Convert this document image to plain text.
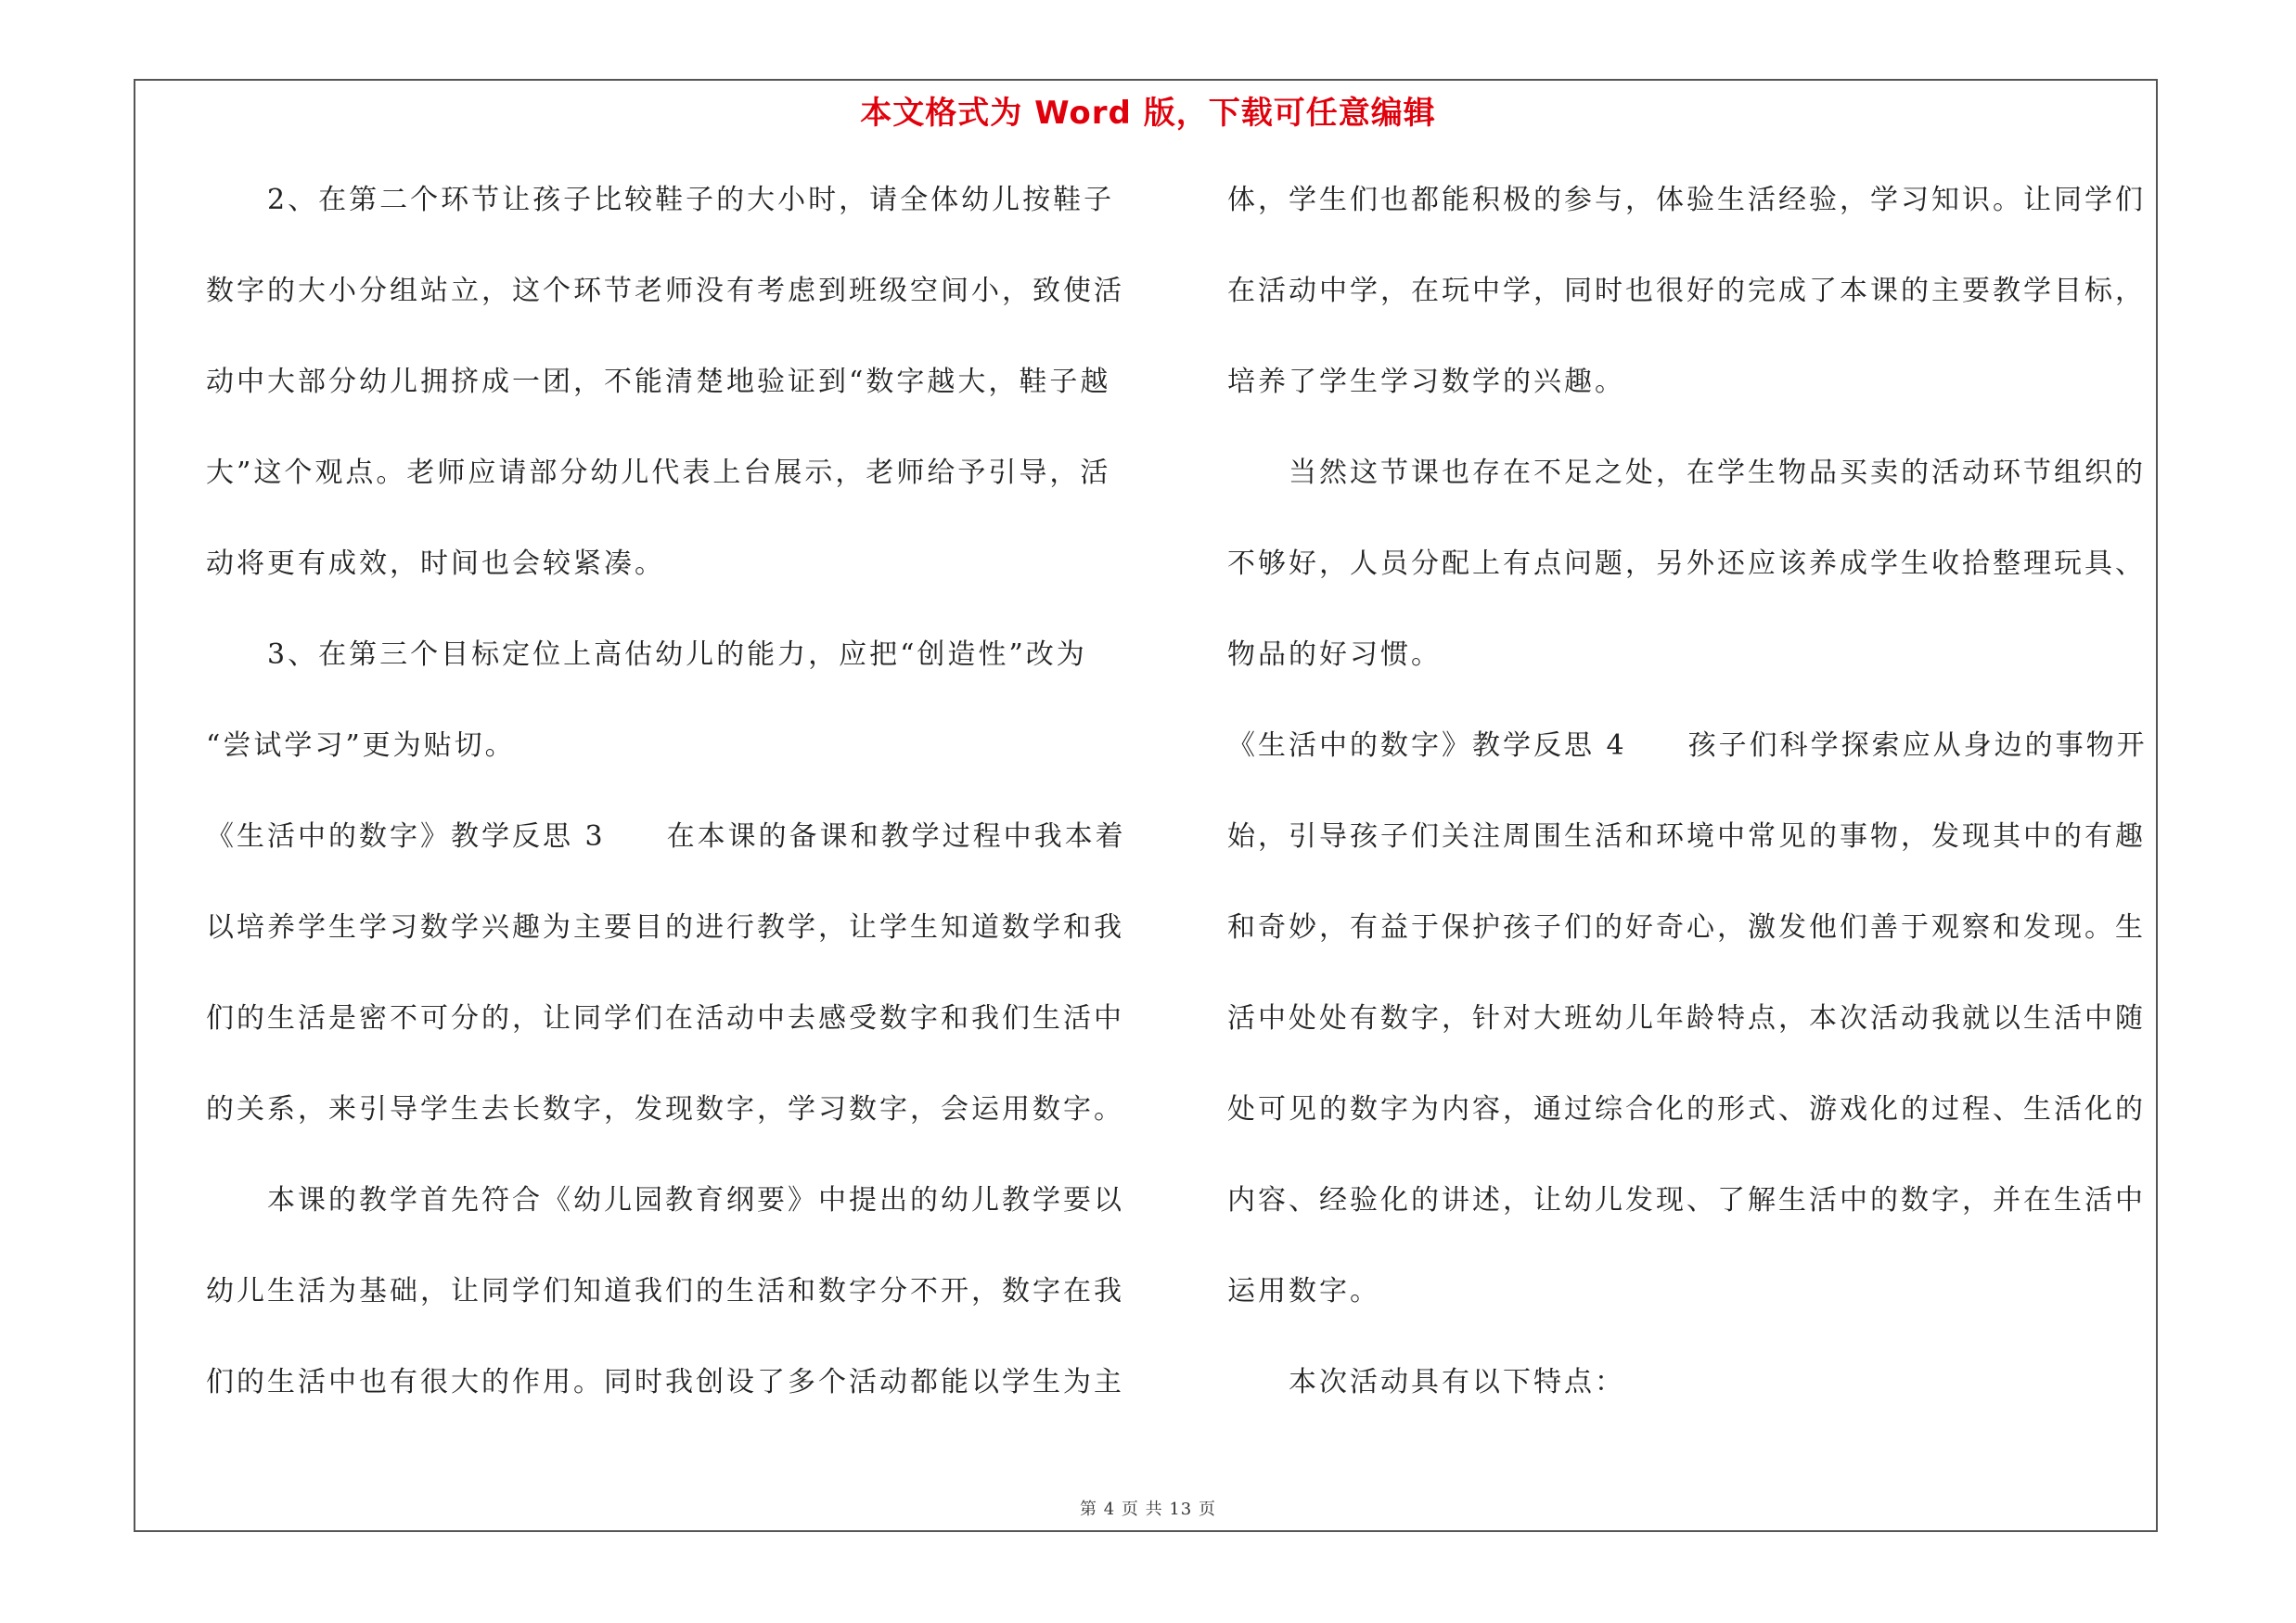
本文格式为 Word 版，下载可任意编辑
　　2、在第二个环节让孩子比较鞋子的大小时，请全体幼儿按鞋子
数字的大小分组站立，这个环节老师没有考虑到班级空间小，致使活
动中大部分幼儿拥挤成一团，不能清楚地验证到“数字越大，鞋子越
大”这个观点。老师应请部分幼儿代表上台展示，老师给予引导，活
动将更有成效，时间也会较紧凑。
　　3、在第三个目标定位上高估幼儿的能力，应把“创造性”改为
“尝试学习”更为贴切。
《生活中的数字》教学反思 3　　在本课的备课和教学过程中我本着
以培养学生学习数学兴趣为主要目的进行教学，让学生知道数学和我
们的生活是密不可分的，让同学们在活动中去感受数字和我们生活中
的关系，来引导学生去长数字，发现数字，学习数字，会运用数字。
　　本课的教学首先符合《幼儿园教育纲要》中提出的幼儿教学要以
幼儿生活为基础，让同学们知道我们的生活和数字分不开，数字在我
们的生活中也有很大的作用。同时我创设了多个活动都能以学生为主
体，学生们也都能积极的参与，体验生活经验，学习知识。让同学们
在活动中学，在玩中学，同时也很好的完成了本课的主要教学目标，
培养了学生学习数学的兴趣。
　　当然这节课也存在不足之处，在学生物品买卖的活动环节组织的
不够好，人员分配上有点问题，另外还应该养成学生收拾整理玩具、
物品的好习惯。
《生活中的数字》教学反思 4　　孩子们科学探索应从身边的事物开
始，引导孩子们关注周围生活和环境中常见的事物，发现其中的有趣
和奇妙，有益于保护孩子们的好奇心，激发他们善于观察和发现。生
活中处处有数字，针对大班幼儿年龄特点，本次活动我就以生活中随
处可见的数字为内容，通过综合化的形式、游戏化的过程、生活化的
内容、经验化的讲述，让幼儿发现、了解生活中的数字，并在生活中
运用数字。
　　本次活动具有以下特点：
第 4 页 共 13 页
